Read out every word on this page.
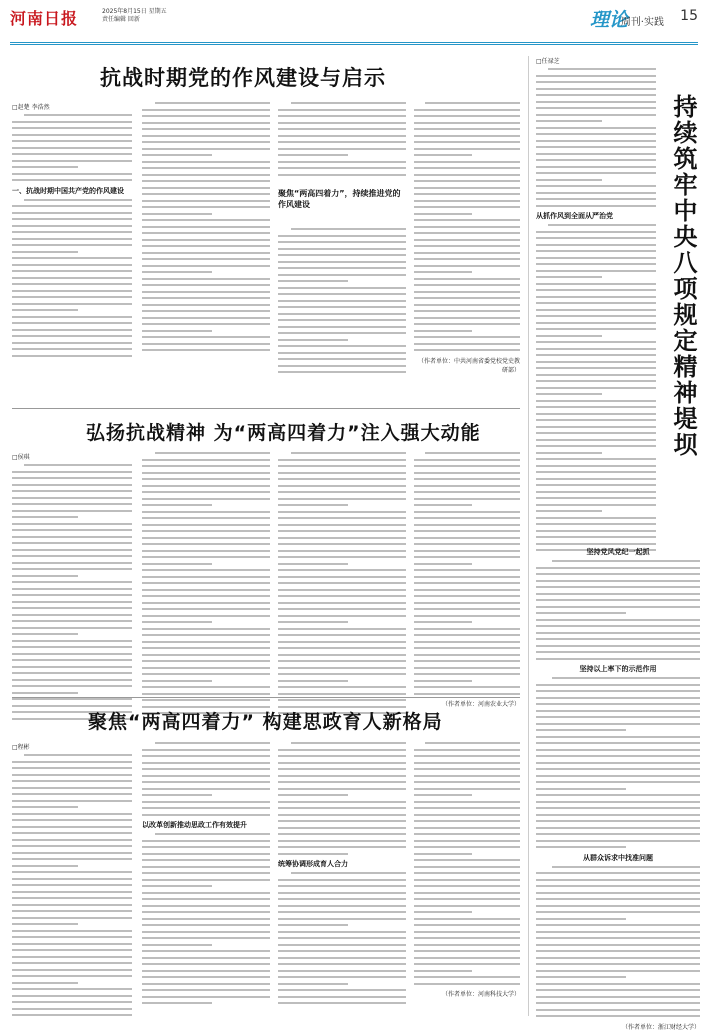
河南日报	2025年8月15日 星期五
责任编辑 回新	理论
周刊·实践 15
抗战时期党的作风建设与启示
□赵楚 李浩然
一、抗战时期中国共产党的作风建设	聚焦“两高四着力”，持续推进党的作风建设
（作者单位：中共河南省委党校党史教研部）
弘扬抗战精神 为“两高四着力”注入强大动能
□侯琪
（作者单位：河南农业大学）
聚焦“两高四着力” 构建思政育人新格局
□程彬
以改革创新推动思政工作有效提升
统筹协调形成育人合力
（作者单位：河南科技大学）
□任禄芝
从抓作风到全面从严治党	持续筑牢中央八项规定精神堤坝
坚持党风党纪一起抓
坚持以上率下的示范作用
从群众诉求中找准问题
（作者单位：浙江财经大学）
